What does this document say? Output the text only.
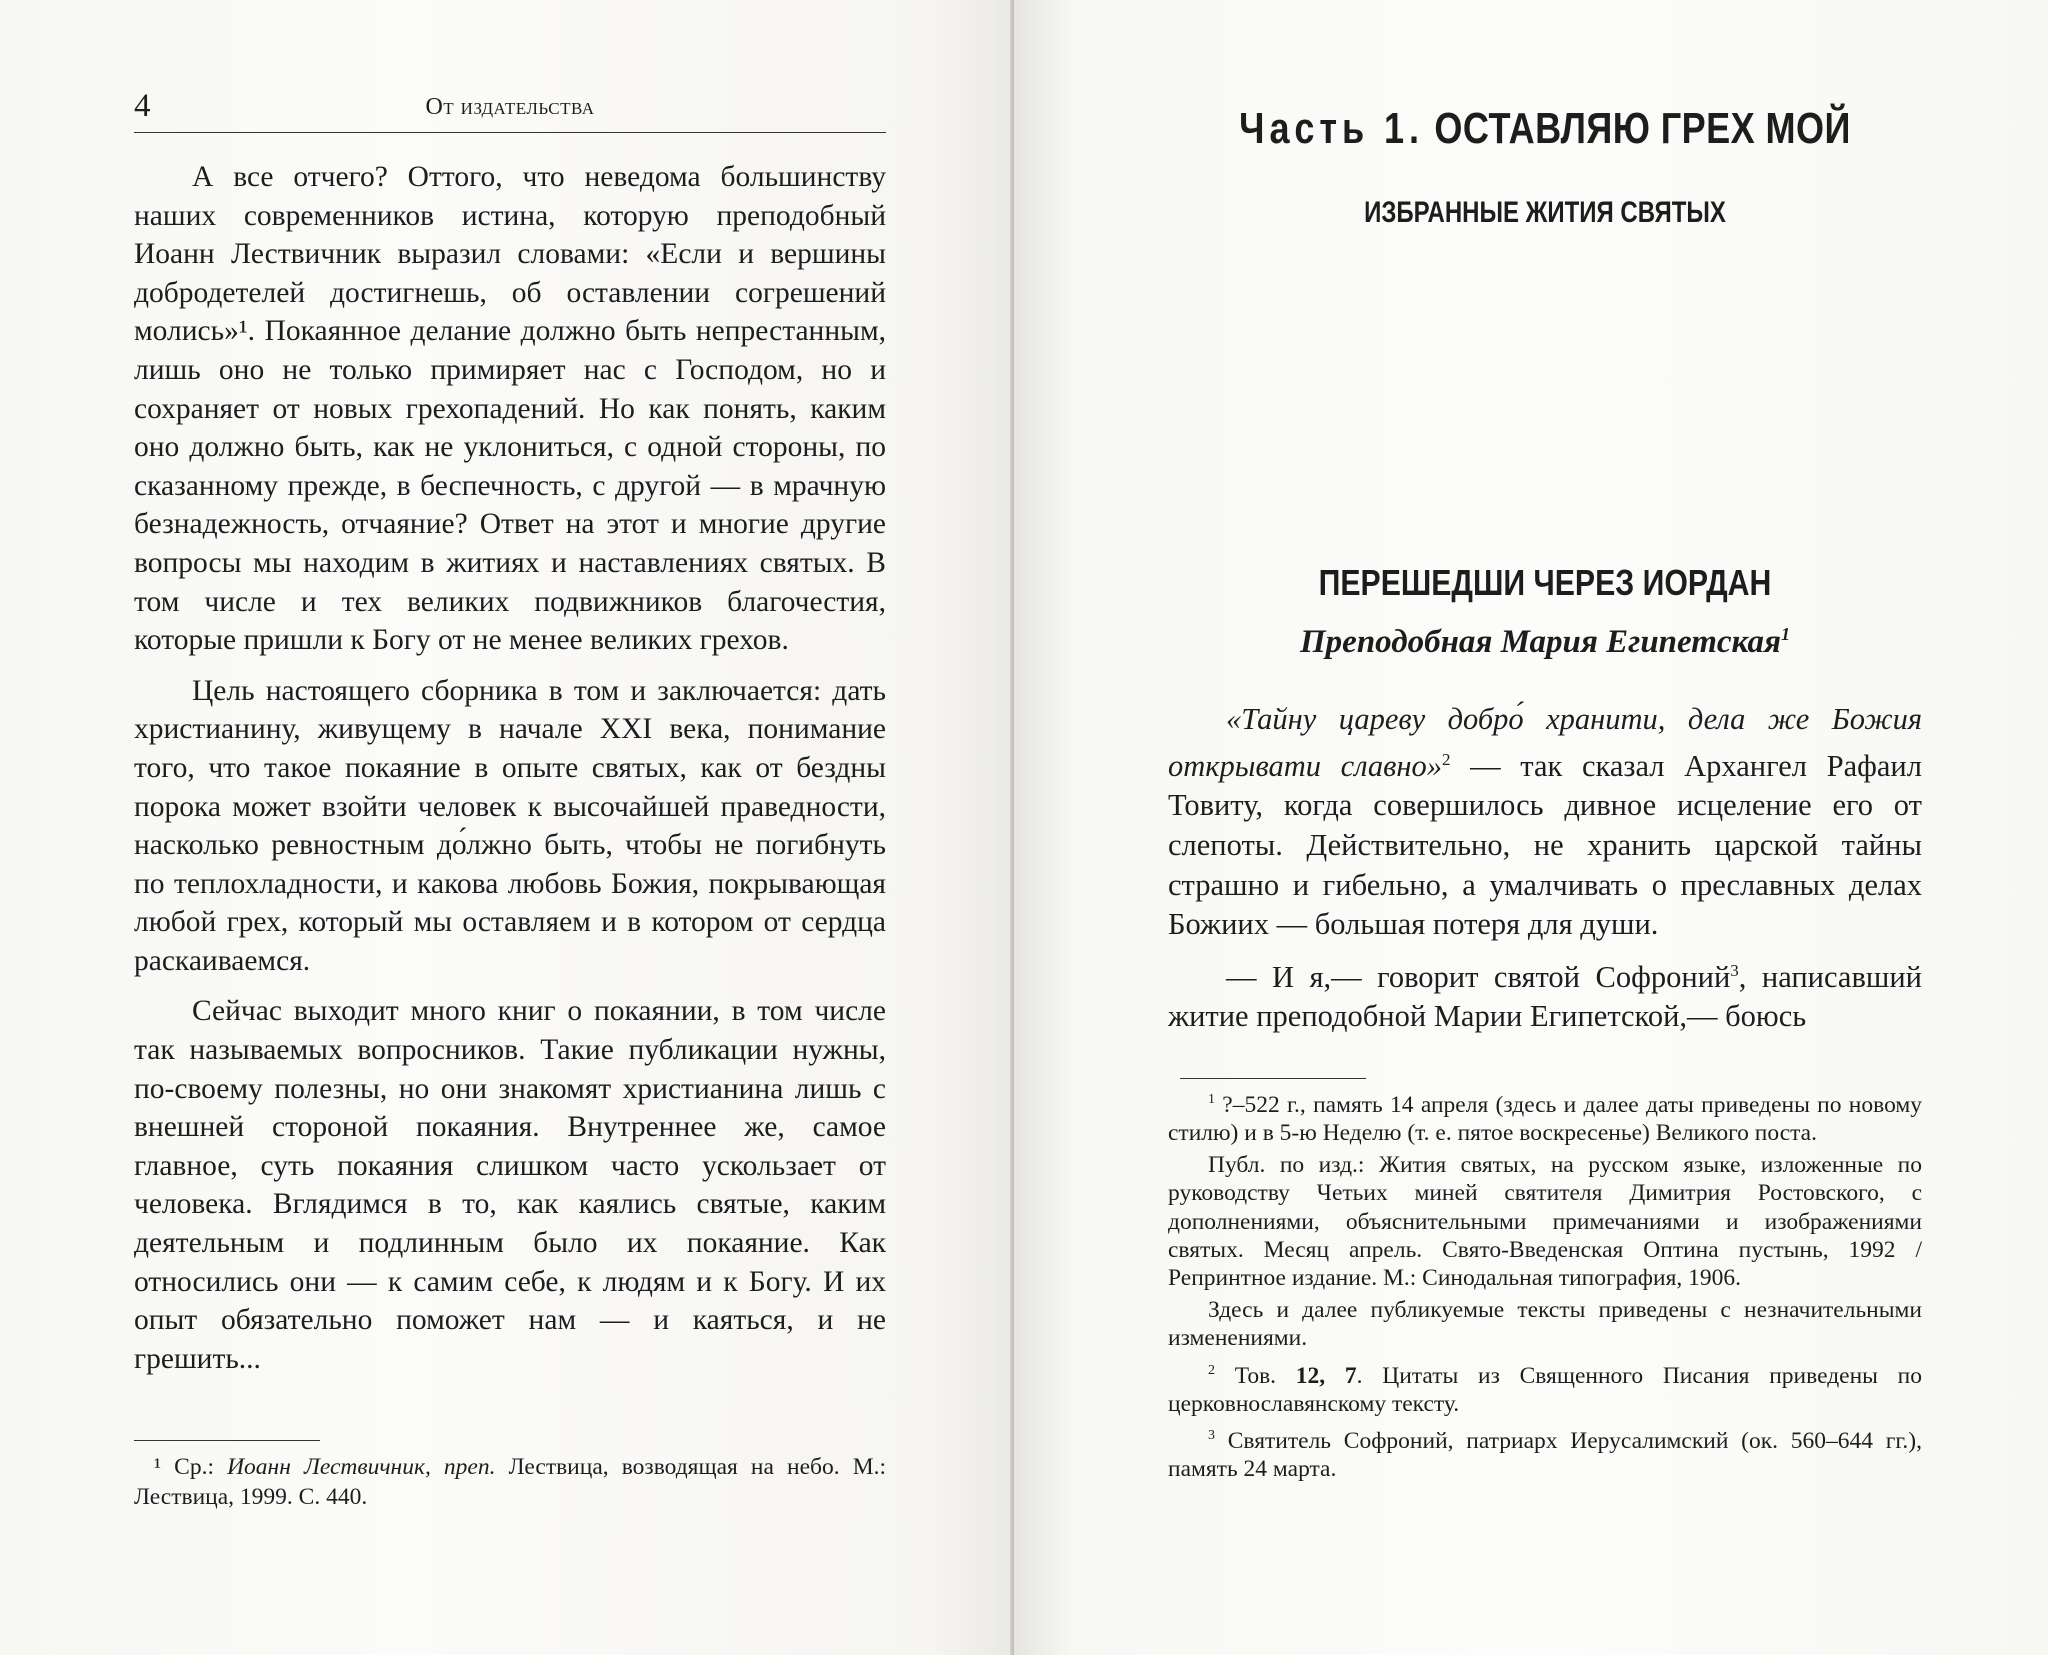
4	От издательства

А все отчего? Оттого, что неведома большинству наших современников истина, которую преподобный Иоанн Лествичник выразил словами: «Если и вершины добродетелей достигнешь, об оставлении согрешений молись»¹. Покаянное делание должно быть непрестанным, лишь оно не только примиряет нас с Господом, но и сохраняет от новых грехопадений. Но как понять, каким оно должно быть, как не уклониться, с одной стороны, по сказанному прежде, в беспечность, с другой — в мрачную безнадежность, отчаяние? Ответ на этот и многие другие вопросы мы находим в житиях и наставлениях святых. В том числе и тех великих подвижников благочестия, которые пришли к Богу от не менее великих грехов.

Цель настоящего сборника в том и заключается: дать христианину, живущему в начале XXI века, понимание того, что такое покаяние в опыте святых, как от бездны порока может взойти человек к высочайшей праведности, насколько ревностным до́лжно быть, чтобы не погибнуть по теплохладности, и какова любовь Божия, покрывающая любой грех, который мы оставляем и в котором от сердца раскаиваемся.

Сейчас выходит много книг о покаянии, в том числе так называемых вопросников. Такие публикации нужны, по-своему полезны, но они знакомят христианина лишь с внешней стороной покаяния. Внутреннее же, самое главное, суть покаяния слишком часто ускользает от человека. Вглядимся в то, как каялись святые, каким деятельным и подлинным было их покаяние. Как относились они — к самим себе, к людям и к Богу. И их опыт обязательно поможет нам — и каяться, и не грешить...

¹ Ср.: Иоанн Лествичник, преп. Лествица, возводящая на небо. М.: Лествица, 1999. С. 440.

Часть 1. ОСТАВЛЯЮ ГРЕХ МОЙ
ИЗБРАННЫЕ ЖИТИЯ СВЯТЫХ
ПЕРЕШЕДШИ ЧЕРЕЗ ИОРДАН
Преподобная Мария Египетская$^1$

«Тайну цареву добро́ хранити, дела же Божия открывати славно»$^2$ — так сказал Архангел Рафаил Товиту, когда совершилось дивное исцеление его от слепоты. Действительно, не хранить царской тайны страшно и гибельно, а умалчивать о преславных делах Божиих — большая потеря для души.

— И я,— говорит святой Софроний$^3$, написавший житие преподобной Марии Египетской,— боюсь

$^1$ ?–522 г., память 14 апреля (здесь и далее даты приведены по новому стилю) и в 5-ю Неделю (т. е. пятое воскресенье) Великого поста.

Публ. по изд.: Жития святых, на русском языке, изложенные по руководству Четьих миней святителя Димитрия Ростовского, с дополнениями, объяснительными примечаниями и изображениями святых. Месяц апрель. Свято-Введенская Оптина пустынь, 1992 / Репринтное издание. М.: Синодальная типография, 1906.

Здесь и далее публикуемые тексты приведены с незначительными изменениями.

$^2$ Тов. 12, 7. Цитаты из Священного Писания приведены по церковнославянскому тексту.

$^3$ Святитель Софроний, патриарх Иерусалимский (ок. 560–644 гг.), память 24 марта.
